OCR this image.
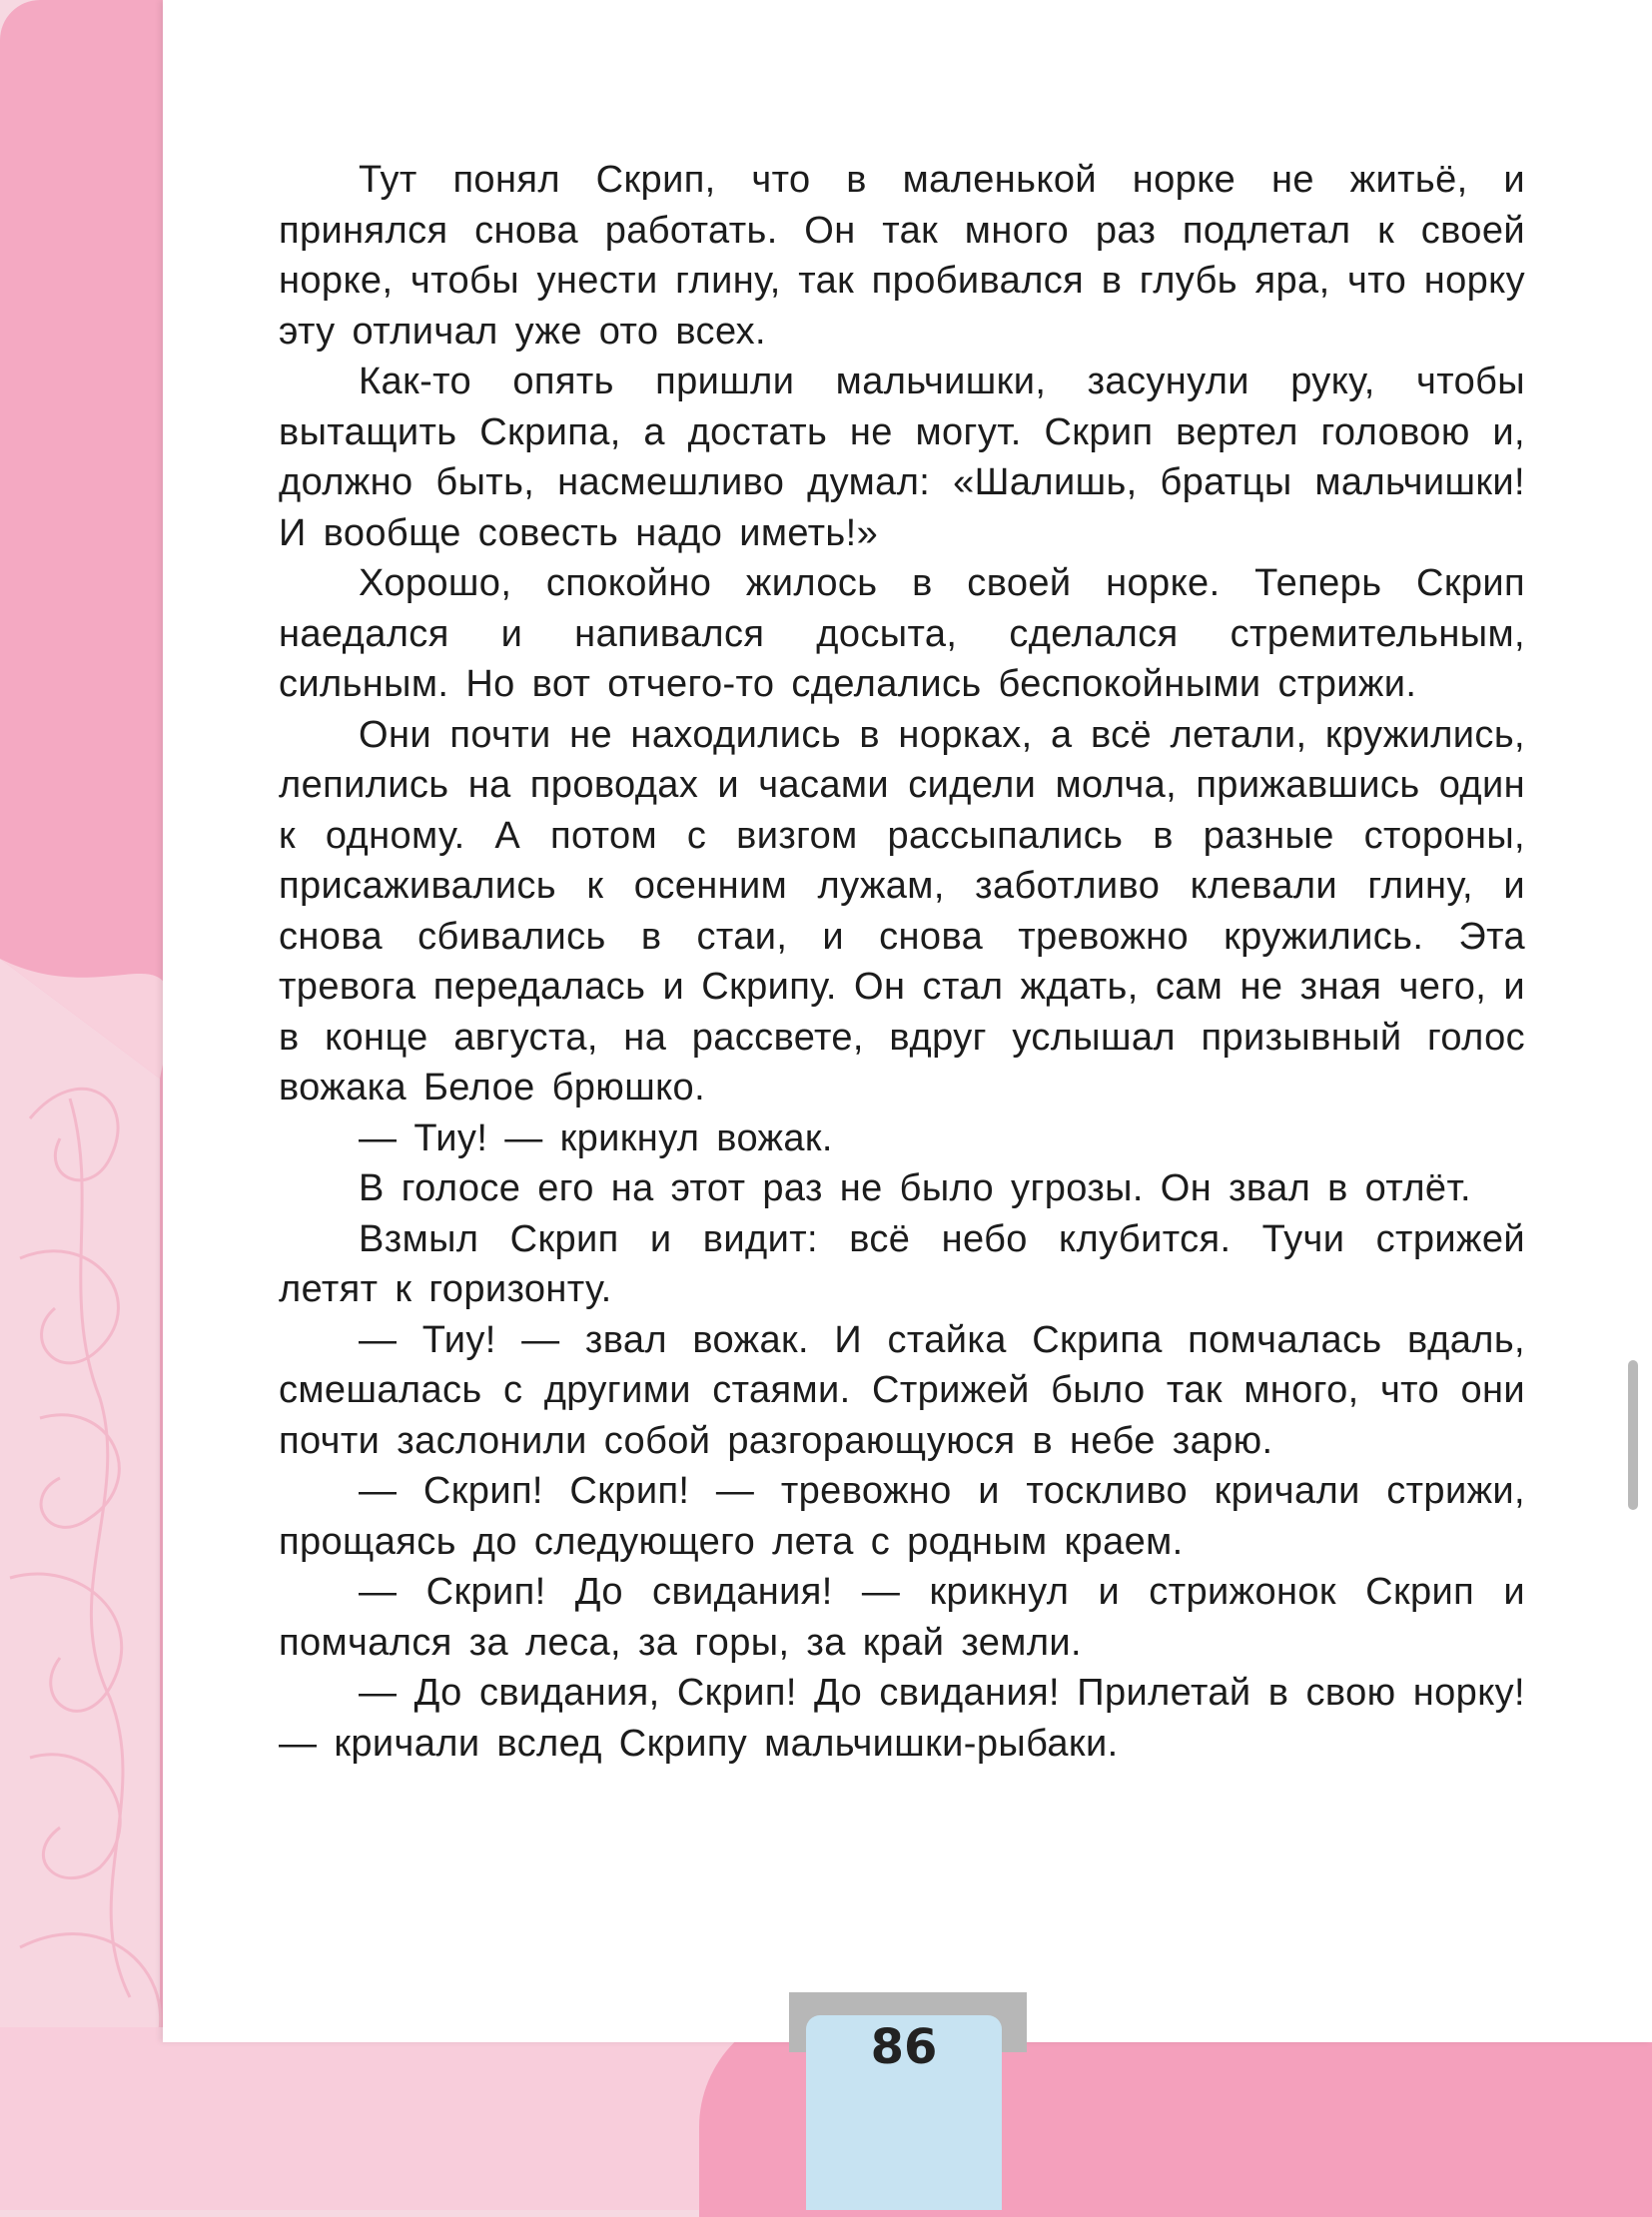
Тут понял Скрип, что в маленькой норке не житьё, и принялся снова работать. Он так много раз подлетал к своей норке, чтобы унести глину, так пробивался в глубь яра, что норку эту отличал уже ото всех.

Как-то опять пришли мальчишки, засунули руку, чтобы вытащить Скрипа, а достать не могут. Скрип вертел головою и, должно быть, насмешливо думал: «Шалишь, братцы мальчишки! И вообще совесть надо иметь!»

Хорошо, спокойно жилось в своей норке. Теперь Скрип наедался и напивался досыта, сделался стремительным, сильным. Но вот отчего-то сделались беспокойными стрижи.

Они почти не находились в норках, а всё летали, кружились, лепились на проводах и часами сидели молча, прижавшись один к одному. А потом с визгом рассыпались в разные стороны, присаживались к осенним лужам, заботливо клевали глину, и снова сбивались в стаи, и снова тревожно кружились. Эта тревога передалась и Скрипу. Он стал ждать, сам не зная чего, и в конце августа, на рассвете, вдруг услышал призывный голос вожака Белое брюшко.

— Тиу! — крикнул вожак.

В голосе его на этот раз не было угрозы. Он звал в отлёт.

Взмыл Скрип и видит: всё небо клубится. Тучи стрижей летят к горизонту.

— Тиу! — звал вожак. И стайка Скрипа помчалась вдаль, смешалась с другими стаями. Стрижей было так много, что они почти заслонили собой разгорающуюся в небе зарю.

— Скрип! Скрип! — тревожно и тоскливо кричали стрижи, прощаясь до следующего лета с родным краем.

— Скрип! До свидания! — крикнул и стрижонок Скрип и помчался за леса, за горы, за край земли.

— До свидания, Скрип! До свидания! Прилетай в свою норку! — кричали вслед Скрипу мальчишки-рыбаки.

86
